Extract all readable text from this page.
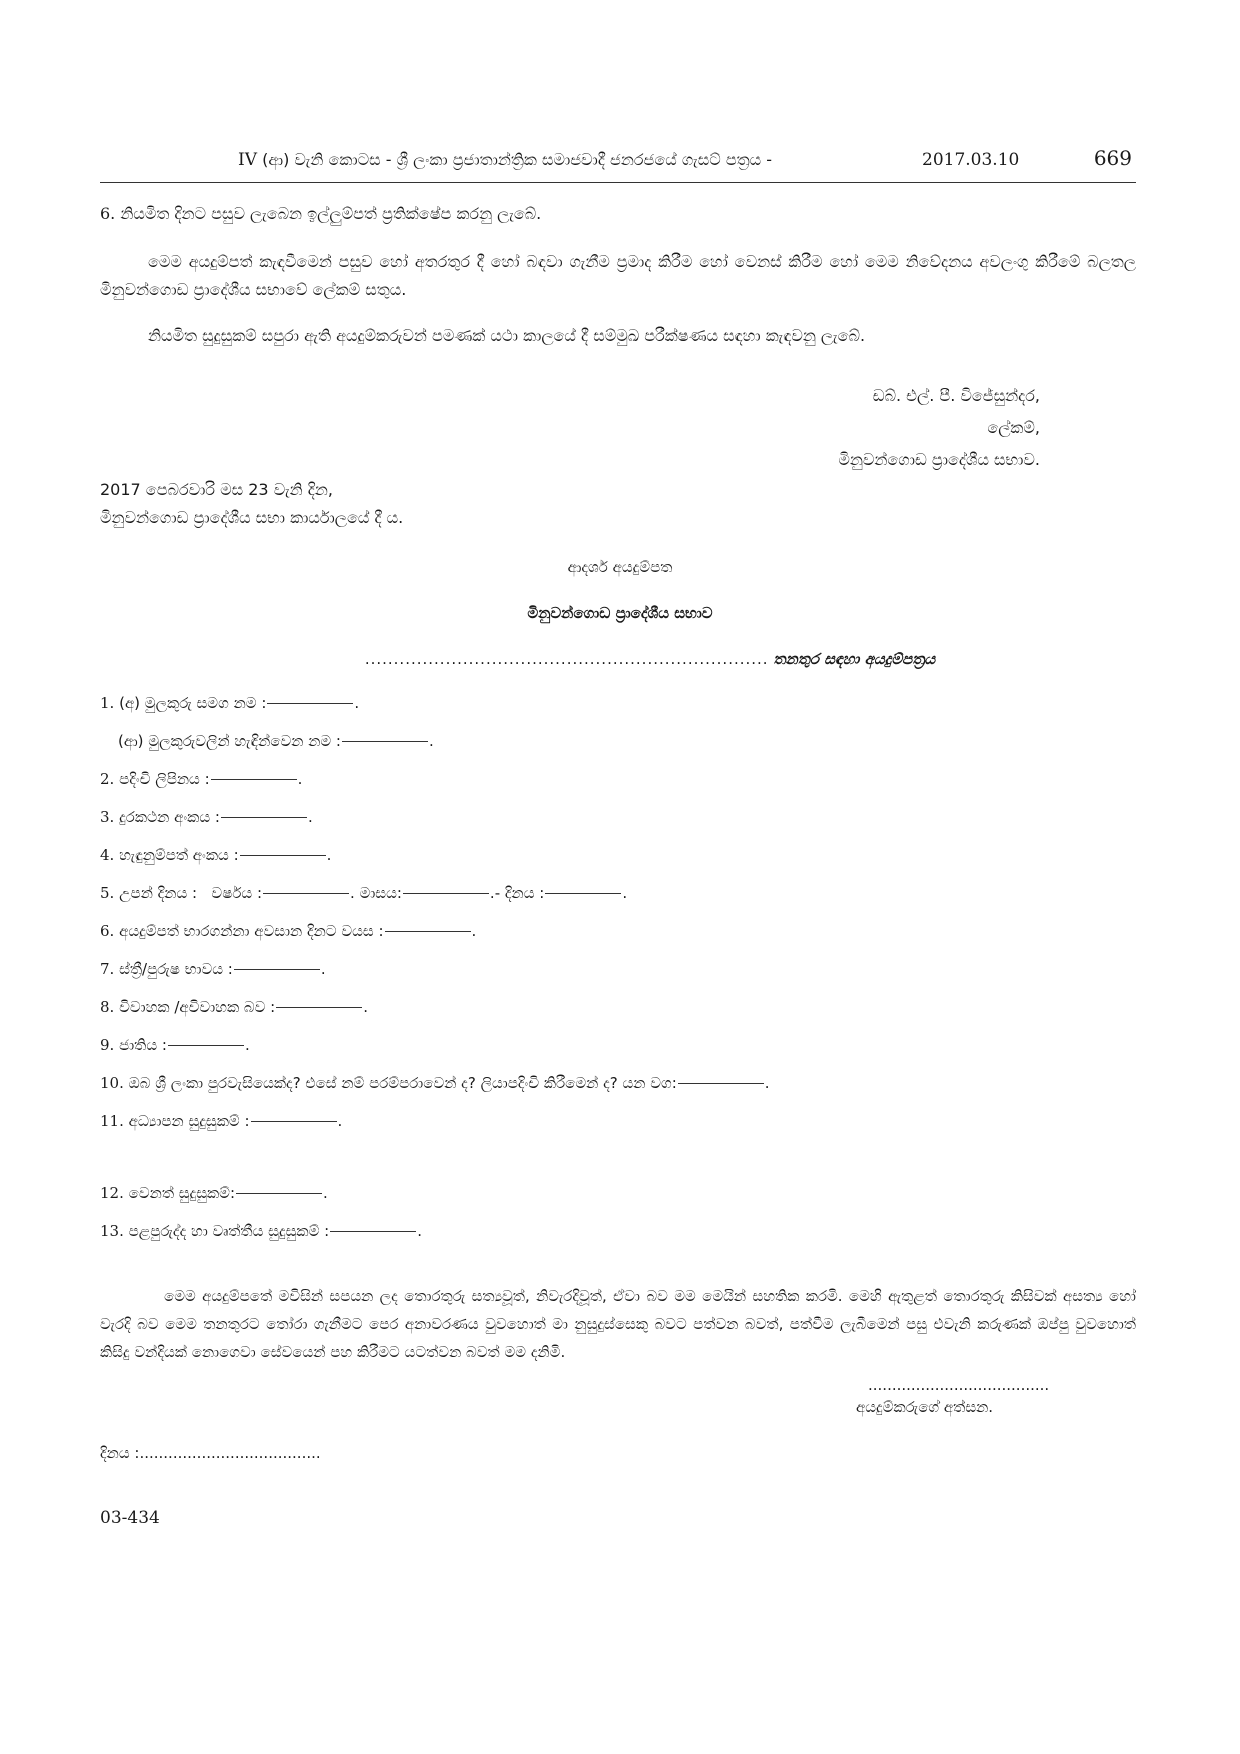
IV (ආ) වැනි කොටස - ශ්‍රී ලංකා ප්‍රජාතාන්ත්‍රික සමාජවාදී ජනරජයේ ගැසට් පත්‍රය -	2017.03.10	669
6. නියමිත දිනට පසුව ලැබෙන ඉල්ලුම්පත් ප්‍රතික්ෂේප කරනු ලැබේ.
මෙම අයදුම්පත් කැඳවීමෙන් පසුව හෝ අතරතුර දී හෝ බඳවා ගැනීම ප්‍රමාද කිරීම හෝ වෙනස් කිරීම හෝ මෙම නිවේදනය අවලංගු කිරීමේ බලතල මිනුවන්ගොඩ ප්‍රාදේශීය සභාවේ ලේකම් සතුය.
නියමිත සුදුසුකම් සපුරා ඇති අයදුම්කරුවන් පමණක් යථා කාලයේ දී සම්මුඛ පරීක්ෂණය සඳහා කැඳවනු ලැබේ.
ඩබ්. එල්. පී. විජේසුන්දර,
ලේකම්,
මිනුවන්ගොඩ ප්‍රාදේශීය සභාව.
2017 පෙබරවාරි මස 23 වැනි දින,
මිනුවන්ගොඩ ප්‍රාදේශීය සභා කාර්යාලයේ දී ය.
ආදර්ශ අයදුම්පත
මිනුවන්ගොඩ ප්‍රාදේශීය සභාව
...................................................................... තනතුර සඳහා අයදුම්පත්‍රය
1. (අ) මුලකුරු සමග නම :	.
(ආ) මුලකුරුවලින් හැඳින්වෙන නම :	.
2. පදිංචි ලිපිනය :	.
3. දුරකථන අංකය :	.
4. හැඳුනුම්පත් අංකය :	.
5. උපන් දිනය : වර්ෂය :	. මාසය:	.- දිනය :	.
6. අයදුම්පත් භාරගන්නා අවසාන දිනට වයස :	.
7. ස්ත්‍රී/පුරුෂ භාවය :	.
8. විවාහක /අවිවාහක බව :	.
9. ජාතිය :	.
10. ඔබ ශ්‍රී ලංකා පුරවැසියෙක්ද? එසේ නම් පරම්පරාවෙන් ද? ලියාපදිංචි කිරීමෙන් ද? යන වග:	.
11. අධ්‍යාපන සුදුසුකම් :	.
12. වෙනත් සුදුසුකම්:	.
13. පළපුරුද්ද හා වෘත්තීය සුදුසුකම් :	.
මෙම අයදුම්පතේ මවිසින් සපයන ලද තොරතුරු සත්‍යවූත්, නිවැරදිවූත්, ඒවා බව මම මෙයින් සහතික කරමි. මෙහි ඇතුළත් තොරතුරු කිසිවක් අසත්‍ය හෝ වැරදි බව මෙම තනතුරට තෝරා ගැනීමට පෙර අනාවරණය වුවහොත් මා නුසුදුස්සෙකු බවට පත්වන බවත්, පත්වීම ලැබීමෙන් පසු එවැනි කරුණක් ඔප්පු වුවහොත් කිසිදු වන්දියක් නොගෙවා සේවයෙන් පහ කිරීමට යටත්වන බවත් මම දනිමි.
......................................
අයදුම්කරුගේ අත්සන.
දිනය :......................................
03-434
